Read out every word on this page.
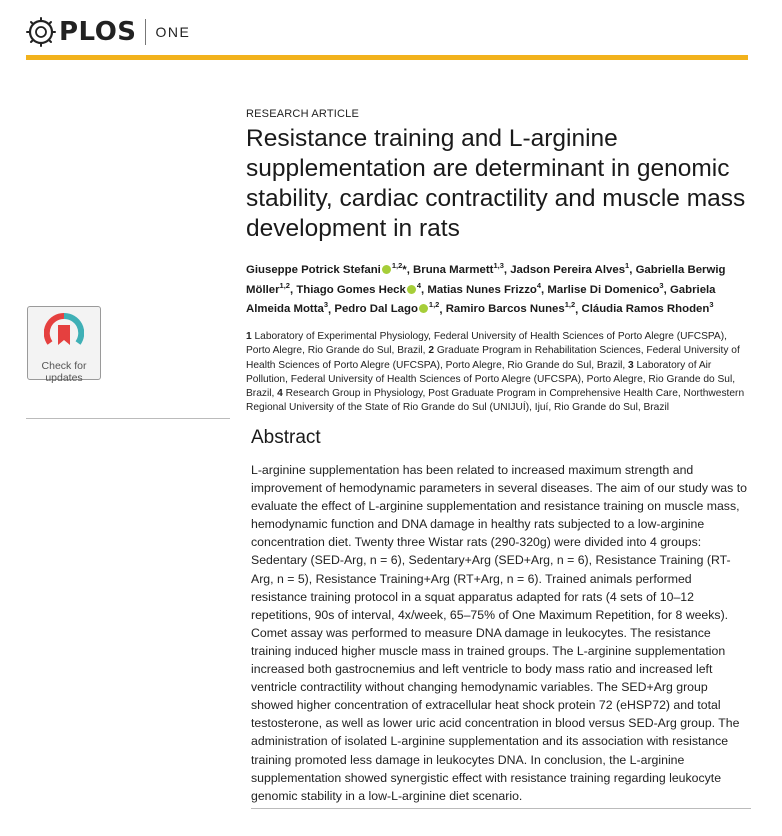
PLOS ONE
RESEARCH ARTICLE
Resistance training and L-arginine supplementation are determinant in genomic stability, cardiac contractility and muscle mass development in rats
Giuseppe Potrick Stefani $^{1,2}$*, Bruna Marmett$^{1,3}$, Jadson Pereira Alves$^1$, Gabriella Berwig Möller$^{1,2}$, Thiago Gomes Heck $^4$, Matias Nunes Frizzo$^4$, Marlise Di Domenico$^3$, Gabriela Almeida Motta$^3$, Pedro Dal Lago $^{1,2}$, Ramiro Barcos Nunes$^{1,2}$, Cláudia Ramos Rhoden$^3$
1 Laboratory of Experimental Physiology, Federal University of Health Sciences of Porto Alegre (UFCSPA), Porto Alegre, Rio Grande do Sul, Brazil, 2 Graduate Program in Rehabilitation Sciences, Federal University of Health Sciences of Porto Alegre (UFCSPA), Porto Alegre, Rio Grande do Sul, Brazil, 3 Laboratory of Air Pollution, Federal University of Health Sciences of Porto Alegre (UFCSPA), Porto Alegre, Rio Grande do Sul, Brazil, 4 Research Group in Physiology, Post Graduate Program in Comprehensive Health Care, Northwestern Regional University of the State of Rio Grande do Sul (UNIJUÍ), Ijuí, Rio Grande do Sul, Brazil
Check for
updates
Abstract

L-arginine supplementation has been related to increased maximum strength and improvement of hemodynamic parameters in several diseases. The aim of our study was to evaluate the effect of L-arginine supplementation and resistance training on muscle mass, hemodynamic function and DNA damage in healthy rats subjected to a low-arginine concentration diet. Twenty three Wistar rats (290-320g) were divided into 4 groups: Sedentary (SED-Arg, n = 6), Sedentary+Arg (SED+Arg, n = 6), Resistance Training (RT-Arg, n = 5), Resistance Training+Arg (RT+Arg, n = 6). Trained animals performed resistance training protocol in a squat apparatus adapted for rats (4 sets of 10–12 repetitions, 90s of interval, 4x/week, 65–75% of One Maximum Repetition, for 8 weeks). Comet assay was performed to measure DNA damage in leukocytes. The resistance training induced higher muscle mass in trained groups. The L-arginine supplementation increased both gastrocnemius and left ventricle to body mass ratio and increased left ventricle contractility without changing hemodynamic variables. The SED+Arg group showed higher concentration of extracellular heat shock protein 72 (eHSP72) and total testosterone, as well as lower uric acid concentration in blood versus SED-Arg group. The administration of isolated L-arginine supplementation and its association with resistance training promoted less damage in leukocytes DNA. In conclusion, the L-arginine supplementation showed synergistic effect with resistance training regarding leukocyte genomic stability in a low-L-arginine diet scenario.
